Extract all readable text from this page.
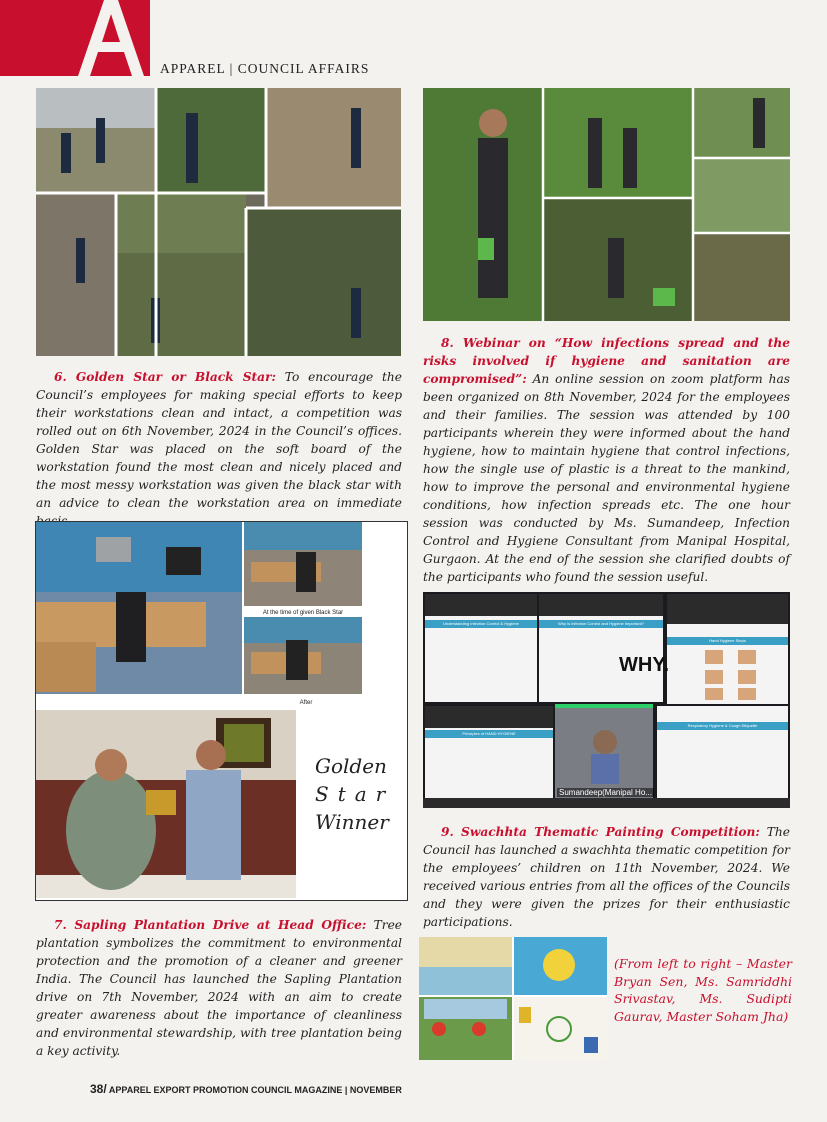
APPAREL | COUNCIL AFFAIRS

6. Golden Star or Black Star: To encourage the Council’s employees for making special efforts to keep their workstations clean and intact, a competition was rolled out on 6th November, 2024 in the Council’s offices. Golden Star was placed on the soft board of the workstation found the most clean and nicely placed and the most messy workstation was given the black star with an advice to clean the workstation area on immediate

At the time of given Black Star
After
Golden
Star
Winner

7. Sapling Plantation Drive at Head Office: Tree plantation symbolizes the commitment to environmental protection and the promotion of a cleaner and greener India. The Council has launched the Sapling Plantation drive on 7th November, 2024 with an aim to create greater awareness about the importance of cleanliness and environmental stewardship, with tree plantation being a key activity.

8. Webinar on “How infections spread and the risks involved if hygiene and sanitation are compromised”: An online session on zoom platform has been organized on 8th November, 2024 for the employees and their families. The session was attended by 100 participants wherein they were informed about the hand hygiene, how to maintain hygiene that control infections, how the single use of plastic is a threat to the mankind, how to improve the personal and environmental hygiene conditions, how infection spreads etc. The one hour session was conducted by Ms. Sumandeep, Infection Control and Hygiene Consultant from Manipal Hospital, Gurgaon. At the end of the session she clarified doubts of the participants who found the session useful.

Understanding Infection Control & Hygiene	Why is Infection Control and Hygiene Important?
Hand Hygiene Steps
Principles of HAND HYGIENE
Respiratory Hygiene & Cough Etiquette
WHY.
Sumandeep(Manipal Ho...

9. Swachhta Thematic Painting Competition: The Council has launched a swachhta thematic competition for the employees’ children on 11th November, 2024. We received various entries from all the offices of the Councils and they were given the prizes for their enthusiastic participations.

(From left to right – Master Bryan Sen, Ms. Samriddhi Srivastav, Ms. Sudipti Gaurav, Master Soham Jha)

38/ APPAREL EXPORT PROMOTION COUNCIL MAGAZINE | NOVEMBER
